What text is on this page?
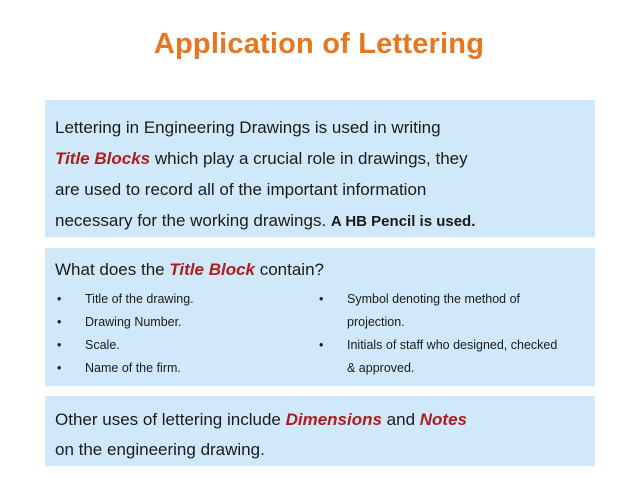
Application of Lettering

Lettering in Engineering Drawings is used in writing
Title Blocks which play a crucial role in drawings, they
are used to record all of the important information
necessary for the working drawings. A HB Pencil is used.

What does the Title Block contain?

• Title of the drawing.
• Drawing Number.
• Scale.
• Name of the firm.
• Symbol denoting the method of
projection.
• Initials of staff who designed, checked
& approved.

Other uses of lettering include Dimensions and Notes
on the engineering drawing.
